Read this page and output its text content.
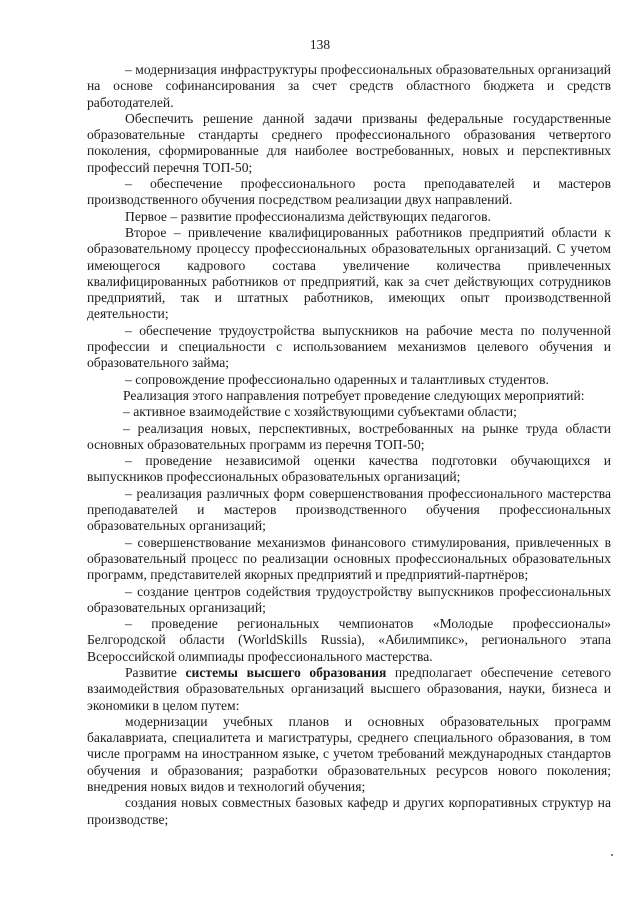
138

– модернизация инфраструктуры профессиональных образовательных организаций на основе софинансирования за счет средств областного бюджета и средств работодателей.

Обеспечить решение данной задачи призваны федеральные государственные образовательные стандарты среднего профессионального образования четвертого поколения, сформированные для наиболее востребованных, новых и перспективных профессий перечня ТОП-50;

– обеспечение профессионального роста преподавателей и мастеров производственного обучения посредством реализации двух направлений.

Первое – развитие профессионализма действующих педагогов.

Второе – привлечение квалифицированных работников предприятий области к образовательному процессу профессиональных образовательных организаций. С учетом имеющегося кадрового состава увеличение количества привлеченных квалифицированных работников от предприятий, как за счет действующих сотрудников предприятий, так и штатных работников, имеющих опыт производственной деятельности;

– обеспечение трудоустройства выпускников на рабочие места по полученной профессии и специальности с использованием механизмов целевого обучения и образовательного займа;

– сопровождение профессионально одаренных и талантливых студентов.

Реализация этого направления потребует проведение следующих мероприятий:

– активное взаимодействие с хозяйствующими субъектами области;

– реализация новых, перспективных, востребованных на рынке труда области основных образовательных программ из перечня ТОП-50;

– проведение независимой оценки качества подготовки обучающихся и выпускников профессиональных образовательных организаций;

– реализация различных форм совершенствования профессионального мастерства преподавателей и мастеров производственного обучения профессиональных образовательных организаций;

– совершенствование механизмов финансового стимулирования, привлеченных в образовательный процесс по реализации основных профессиональных образовательных программ, представителей якорных предприятий и предприятий-партнёров;

– создание центров содействия трудоустройству выпускников профессиональных образовательных организаций;

– проведение региональных чемпионатов «Молодые профессионалы» Белгородской области (WorldSkills Russia), «Абилимпикс», регионального этапа Всероссийской олимпиады профессионального мастерства.

Развитие системы высшего образования предполагает обеспечение сетевого взаимодействия образовательных организаций высшего образования, науки, бизнеса и экономики в целом путем:

модернизации учебных планов и основных образовательных программ бакалавриата, специалитета и магистратуры, среднего специального образования, в том числе программ на иностранном языке, с учетом требований международных стандартов обучения и образования; разработки образовательных ресурсов нового поколения; внедрения новых видов и технологий обучения;

создания новых совместных базовых кафедр и других корпоративных структур на производстве;
